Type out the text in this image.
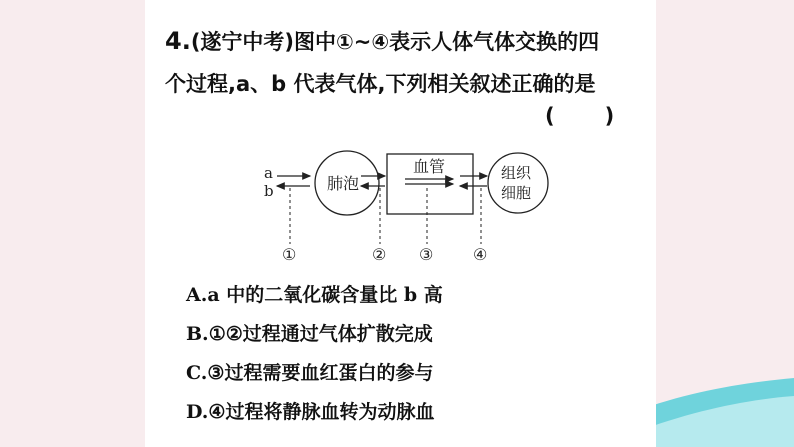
4.(遂宁中考)图中①~④表示人体气体交换的四
个过程,a、b 代表气体,下列相关叙述正确的是
( )
a
b	肺泡
血管	组织
细胞
①	② ③ ④
A.a 中的二氧化碳含量比 b 高
B.①②过程通过气体扩散完成
C.③过程需要血红蛋白的参与
D.④过程将静脉血转为动脉血
